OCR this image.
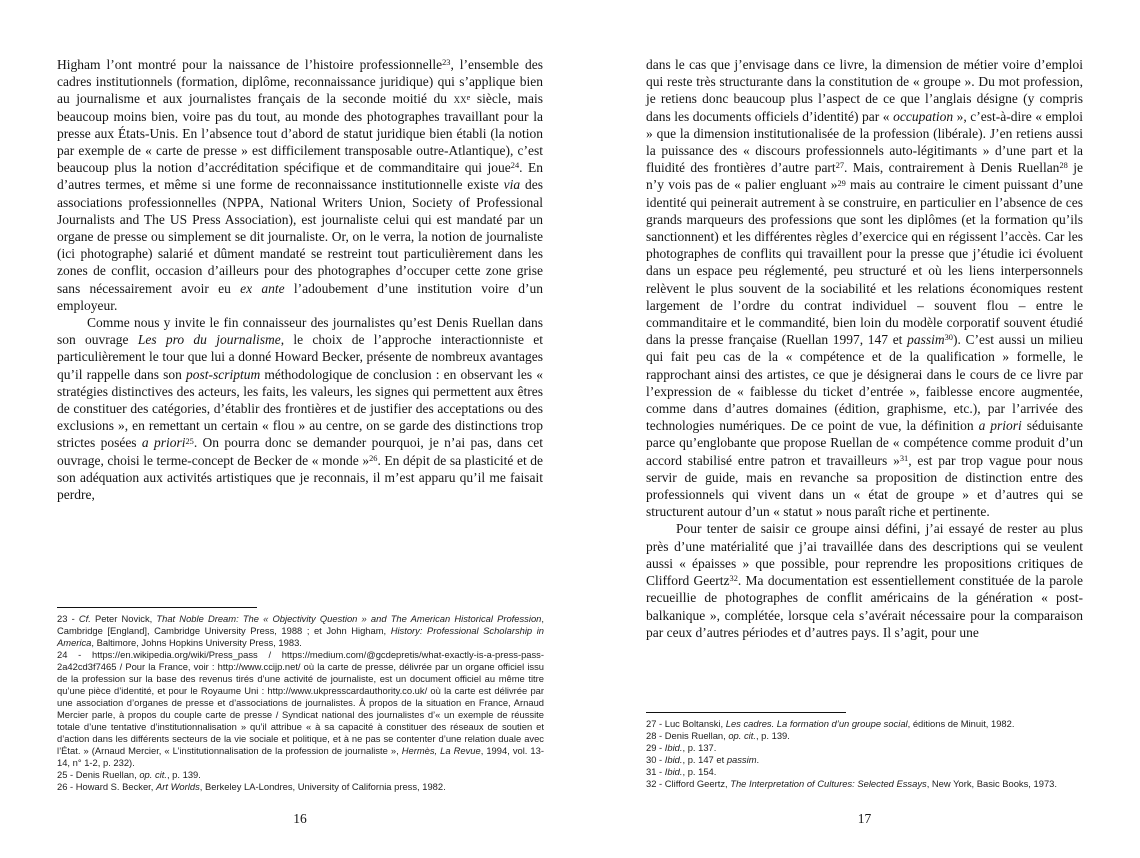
Higham l’ont montré pour la naissance de l’histoire professionnelle$^{23}$, l’ensemble des cadres institutionnels (formation, diplôme, reconnaissance juridique) qui s’applique bien au journalisme et aux journalistes français de la seconde moitié du $xx^e$ siècle, mais beaucoup moins bien, voire pas du tout, au monde des photographes travaillant pour la presse aux États-Unis. En l’absence tout d’abord de statut juridique bien établi (la notion par exemple de « carte de presse » est difficilement transposable outre-Atlantique), c’est beaucoup plus la notion d’accréditation spécifique et de commanditaire qui joue$^{24}$. En d’autres termes, et même si une forme de reconnaissance institutionnelle existe via des associations professionnelles (NPPA, National Writers Union, Society of Professional Journalists and The US Press Association), est journaliste celui qui est mandaté par un organe de presse ou simplement se dit journaliste. Or, on le verra, la notion de journaliste (ici photographe) salarié et dûment mandaté se restreint tout particulièrement dans les zones de conflit, occasion d’ailleurs pour des photographes d’occuper cette zone grise sans nécessairement avoir eu ex ante l’adoubement d’une institution voire d’un employeur.

Comme nous y invite le fin connaisseur des journalistes qu’est Denis Ruellan dans son ouvrage Les pro du journalisme, le choix de l’approche interactionniste et particulièrement le tour que lui a donné Howard Becker, présente de nombreux avantages qu’il rappelle dans son post-scriptum méthodologique de conclusion : en observant les « stratégies distinctives des acteurs, les faits, les valeurs, les signes qui permettent aux êtres de constituer des catégories, d’établir des frontières et de justifier des acceptations ou des exclusions », en remettant un certain « flou » au centre, on se garde des distinctions trop strictes posées a priori$^{25}$. On pourra donc se demander pourquoi, je n’ai pas, dans cet ouvrage, choisi le terme-concept de Becker de « monde »$^{26}$. En dépit de sa plasticité et de son adéquation aux activités artistiques que je reconnais, il m’est apparu qu’il me faisait perdre,

23 - Cf. Peter Novick, That Noble Dream: The « Objectivity Question » and The American Historical Profession, Cambridge [England], Cambridge University Press, 1988 ; et John Higham, History: Professional Scholarship in America, Baltimore, Johns Hopkins University Press, 1983.

24 - https://en.wikipedia.org/wiki/Press_pass / https://medium.com/@gcdepretis/what-exactly-is-a-press-pass-2a42cd3f7465 / Pour la France, voir : http://www.ccijp.net/ où la carte de presse, délivrée par un organe officiel issu de la profession sur la base des revenus tirés d’une activité de journaliste, est un document officiel au même titre qu’une pièce d’identité, et pour le Royaume Uni : http://www.ukpresscardauthority.co.uk/ où la carte est délivrée par une association d’organes de presse et d’associations de journalistes. À propos de la situation en France, Arnaud Mercier parle, à propos du couple carte de presse / Syndicat national des journalistes d’« un exemple de réussite totale d’une tentative d’institutionnalisation » qu’il attribue « à sa capacité à constituer des réseaux de soutien et d’action dans les différents secteurs de la vie sociale et politique, et à ne pas se contenter d’une relation duale avec l’État. » (Arnaud Mercier, « L’institutionnalisation de la profession de journaliste », Hermès, La Revue, 1994, vol. 13-14, n° 1-2, p. 232).

25 - Denis Ruellan, op. cit., p. 139.

26 - Howard S. Becker, Art Worlds, Berkeley LA-Londres, University of California press, 1982.

16

dans le cas que j’envisage dans ce livre, la dimension de métier voire d’emploi qui reste très structurante dans la constitution de « groupe ». Du mot profession, je retiens donc beaucoup plus l’aspect de ce que l’anglais désigne (y compris dans les documents officiels d’identité) par « occupation », c’est-à-dire « emploi » que la dimension institutionalisée de la profession (libérale). J’en retiens aussi la puissance des « discours professionnels auto-légitimants » d’une part et la fluidité des frontières d’autre part$^{27}$. Mais, contrairement à Denis Ruellan$^{28}$ je n’y vois pas de « palier engluant »$^{29}$ mais au contraire le ciment puissant d’une identité qui peinerait autrement à se construire, en particulier en l’absence de ces grands marqueurs des professions que sont les diplômes (et la formation qu’ils sanctionnent) et les différentes règles d’exercice qui en régissent l’accès. Car les photographes de conflits qui travaillent pour la presse que j’étudie ici évoluent dans un espace peu réglementé, peu structuré et où les liens interpersonnels relèvent le plus souvent de la sociabilité et les relations économiques restent largement de l’ordre du contrat individuel – souvent flou – entre le commanditaire et le commandité, bien loin du modèle corporatif souvent étudié dans la presse française (Ruellan 1997, 147 et passim$^{30}$). C’est aussi un milieu qui fait peu cas de la « compétence et de la qualification » formelle, le rapprochant ainsi des artistes, ce que je désignerai dans le cours de ce livre par l’expression de « faiblesse du ticket d’entrée », faiblesse encore augmentée, comme dans d’autres domaines (édition, graphisme, etc.), par l’arrivée des technologies numériques. De ce point de vue, la définition a priori séduisante parce qu’englobante que propose Ruellan de « compétence comme produit d’un accord stabilisé entre patron et travailleurs »$^{31}$, est par trop vague pour nous servir de guide, mais en revanche sa proposition de distinction entre des professionnels qui vivent dans un « état de groupe » et d’autres qui se structurent autour d’un « statut » nous paraît riche et pertinente.

Pour tenter de saisir ce groupe ainsi défini, j’ai essayé de rester au plus près d’une matérialité que j’ai travaillée dans des descriptions qui se veulent aussi « épaisses » que possible, pour reprendre les propositions critiques de Clifford Geertz$^{32}$. Ma documentation est essentiellement constituée de la parole recueillie de photographes de conflit américains de la génération « post-balkanique », complétée, lorsque cela s’avérait nécessaire pour la comparaison par ceux d’autres périodes et d’autres pays. Il s’agit, pour une

27 - Luc Boltanski, Les cadres. La formation d’un groupe social, éditions de Minuit, 1982.

28 - Denis Ruellan, op. cit., p. 139.

29 - Ibid., p. 137.

30 - Ibid., p. 147 et passim.

31 - Ibid., p. 154.

32 - Clifford Geertz, The Interpretation of Cultures: Selected Essays, New York, Basic Books, 1973.

17
